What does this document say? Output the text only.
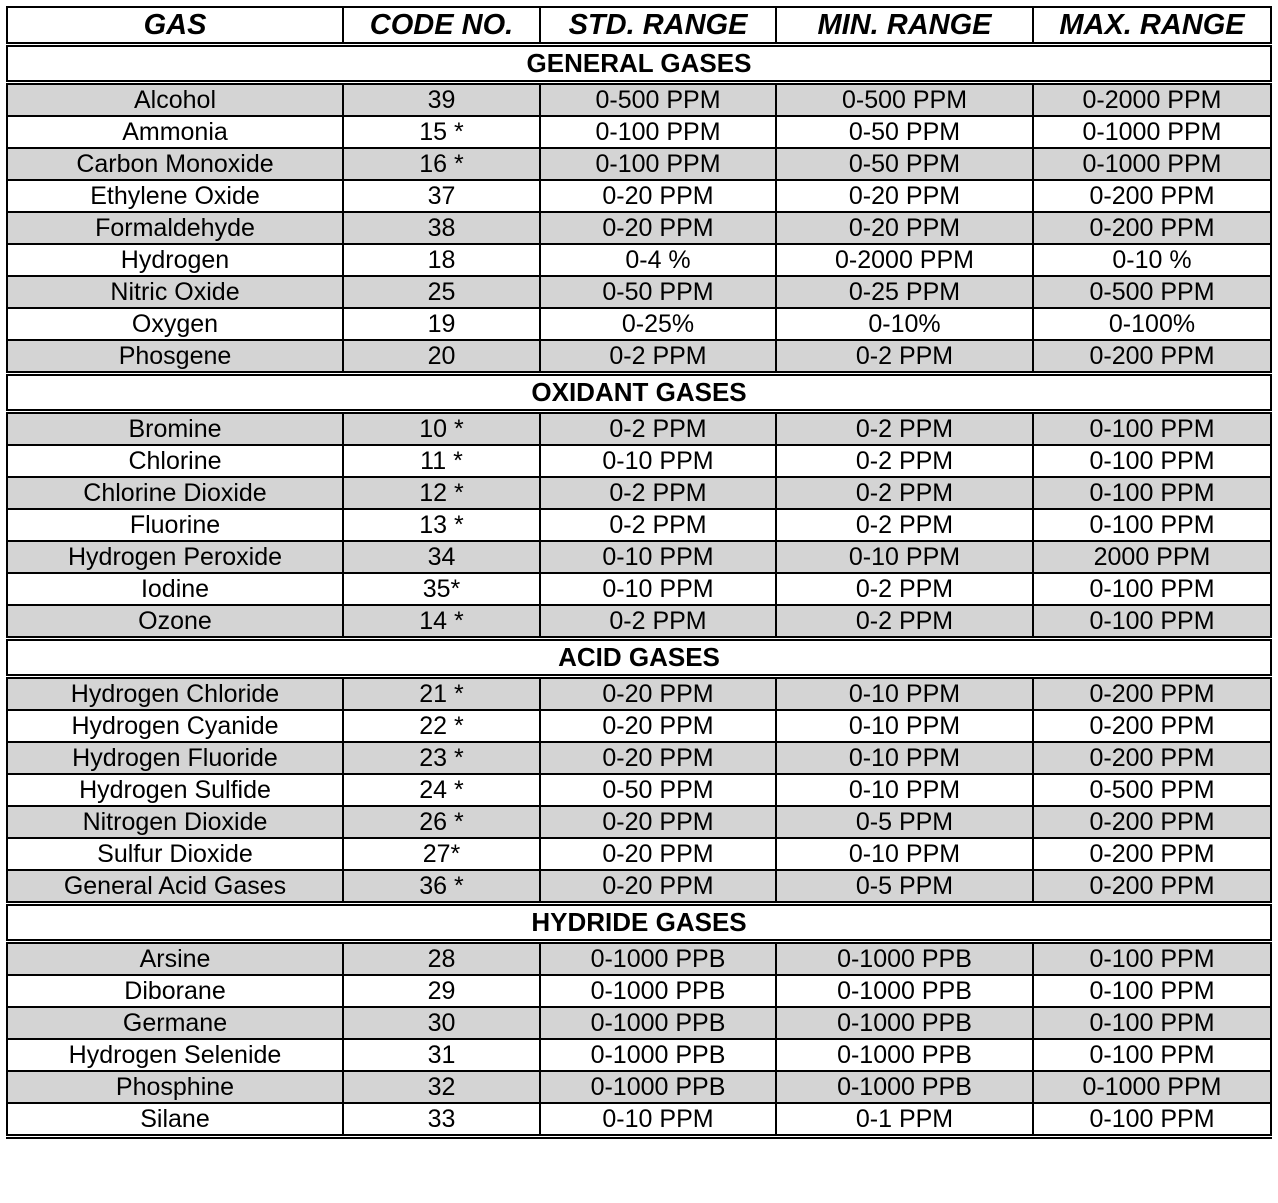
GAS	CODE NO.	STD. RANGE	MIN. RANGE	MAX. RANGE
GENERAL GASES				
Alcohol	39	0-500 PPM	0-500 PPM	0-2000 PPM
Ammonia	15 *	0-100 PPM	0-50 PPM	0-1000 PPM
Carbon Monoxide	16 *	0-100 PPM	0-50 PPM	0-1000 PPM
Ethylene Oxide	37	0-20 PPM	0-20 PPM	0-200 PPM
Formaldehyde	38	0-20 PPM	0-20 PPM	0-200 PPM
Hydrogen	18	0-4 %	0-2000 PPM	0-10 %
Nitric Oxide	25	0-50 PPM	0-25 PPM	0-500 PPM
Oxygen	19	0-25%	0-10%	0-100%
Phosgene	20	0-2 PPM	0-2 PPM	0-200 PPM
OXIDANT GASES				
Bromine	10 *	0-2 PPM	0-2 PPM	0-100 PPM
Chlorine	11 *	0-10 PPM	0-2 PPM	0-100 PPM
Chlorine Dioxide	12 *	0-2 PPM	0-2 PPM	0-100 PPM
Fluorine	13 *	0-2 PPM	0-2 PPM	0-100 PPM
Hydrogen Peroxide	34	0-10 PPM	0-10 PPM	2000 PPM
Iodine	35*	0-10 PPM	0-2 PPM	0-100 PPM
Ozone	14 *	0-2 PPM	0-2 PPM	0-100 PPM
ACID GASES				
Hydrogen Chloride	21 *	0-20 PPM	0-10 PPM	0-200 PPM
Hydrogen Cyanide	22 *	0-20 PPM	0-10 PPM	0-200 PPM
Hydrogen Fluoride	23 *	0-20 PPM	0-10 PPM	0-200 PPM
Hydrogen Sulfide	24 *	0-50 PPM	0-10 PPM	0-500 PPM
Nitrogen Dioxide	26 *	0-20 PPM	0-5 PPM	0-200 PPM
Sulfur Dioxide	27*	0-20 PPM	0-10 PPM	0-200 PPM
General Acid Gases	36 *	0-20 PPM	0-5 PPM	0-200 PPM
HYDRIDE GASES				
Arsine	28	0-1000 PPB	0-1000 PPB	0-100 PPM
Diborane	29	0-1000 PPB	0-1000 PPB	0-100 PPM
Germane	30	0-1000 PPB	0-1000 PPB	0-100 PPM
Hydrogen Selenide	31	0-1000 PPB	0-1000 PPB	0-100 PPM
Phosphine	32	0-1000 PPB	0-1000 PPB	0-1000 PPM
Silane	33	0-10 PPM	0-1 PPM	0-100 PPM
